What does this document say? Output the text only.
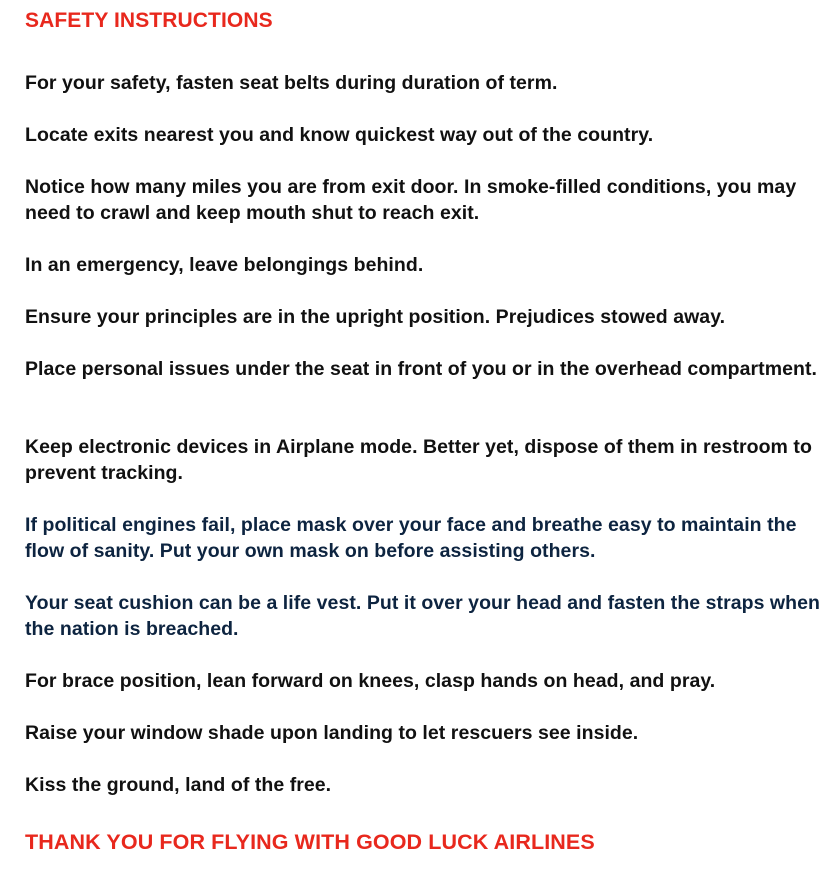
SAFETY INSTRUCTIONS
For your safety, fasten seat belts during duration of term.
Locate exits nearest you and know quickest way out of the country.
Notice how many miles you are from exit door. In smoke-filled conditions, you may need to crawl and keep mouth shut to reach exit.
In an emergency, leave belongings behind.
Ensure your principles are in the upright position. Prejudices stowed away.
Place personal issues under the seat in front of you or in the overhead compartment.
Keep electronic devices in Airplane mode. Better yet, dispose of them in restroom to prevent tracking.
If political engines fail, place mask over your face and breathe easy to maintain the flow of sanity. Put your own mask on before assisting others.
Your seat cushion can be a life vest. Put it over your head and fasten the straps when the nation is breached.
For brace position, lean forward on knees, clasp hands on head, and pray.
Raise your window shade upon landing to let rescuers see inside.
Kiss the ground, land of the free.
THANK YOU FOR FLYING WITH GOOD LUCK AIRLINES
